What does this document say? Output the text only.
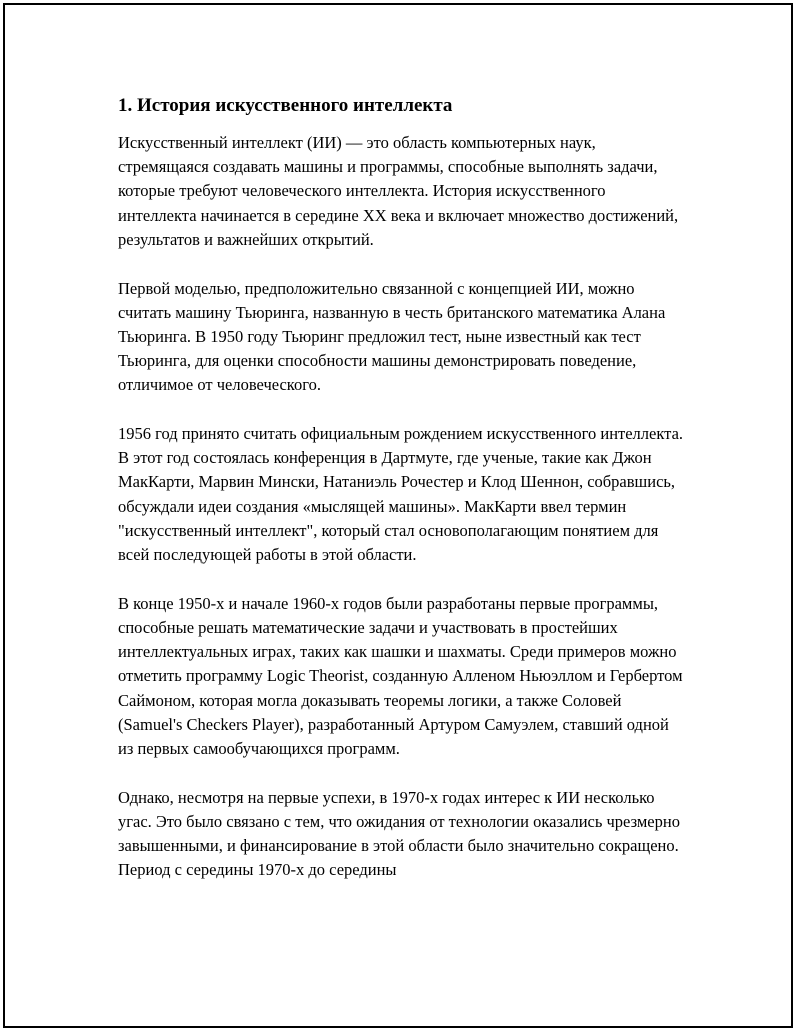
1. История искусственного интеллекта

Искусственный интеллект (ИИ) — это область компьютерных наук, стремящаяся создавать машины и программы, способные выполнять задачи, которые требуют человеческого интеллекта. История искусственного интеллекта начинается в середине XX века и включает множество достижений, результатов и важнейших открытий.

Первой моделью, предположительно связанной с концепцией ИИ, можно считать машину Тьюринга, названную в честь британского математика Алана Тьюринга. В 1950 году Тьюринг предложил тест, ныне известный как тест Тьюринга, для оценки способности машины демонстрировать поведение, отличимое от человеческого.

1956 год принято считать официальным рождением искусственного интеллекта. В этот год состоялась конференция в Дартмуте, где ученые, такие как Джон МакКарти, Марвин Мински, Натаниэль Рочестер и Клод Шеннон, собравшись, обсуждали идеи создания «мыслящей машины». МакКарти ввел термин "искусственный интеллект", который стал основополагающим понятием для всей последующей работы в этой области.

В конце 1950-х и начале 1960-х годов были разработаны первые программы, способные решать математические задачи и участвовать в простейших интеллектуальных играх, таких как шашки и шахматы. Среди примеров можно отметить программу Logic Theorist, созданную Алленом Ньюэллом и Гербертом Саймоном, которая могла доказывать теоремы логики, а также Соловей (Samuel's Checkers Player), разработанный Артуром Самуэлем, ставший одной из первых самообучающихся программ.

Однако, несмотря на первые успехи, в 1970-х годах интерес к ИИ несколько угас. Это было связано с тем, что ожидания от технологии оказались чрезмерно завышенными, и финансирование в этой области было значительно сокращено. Период с середины 1970-х до середины
